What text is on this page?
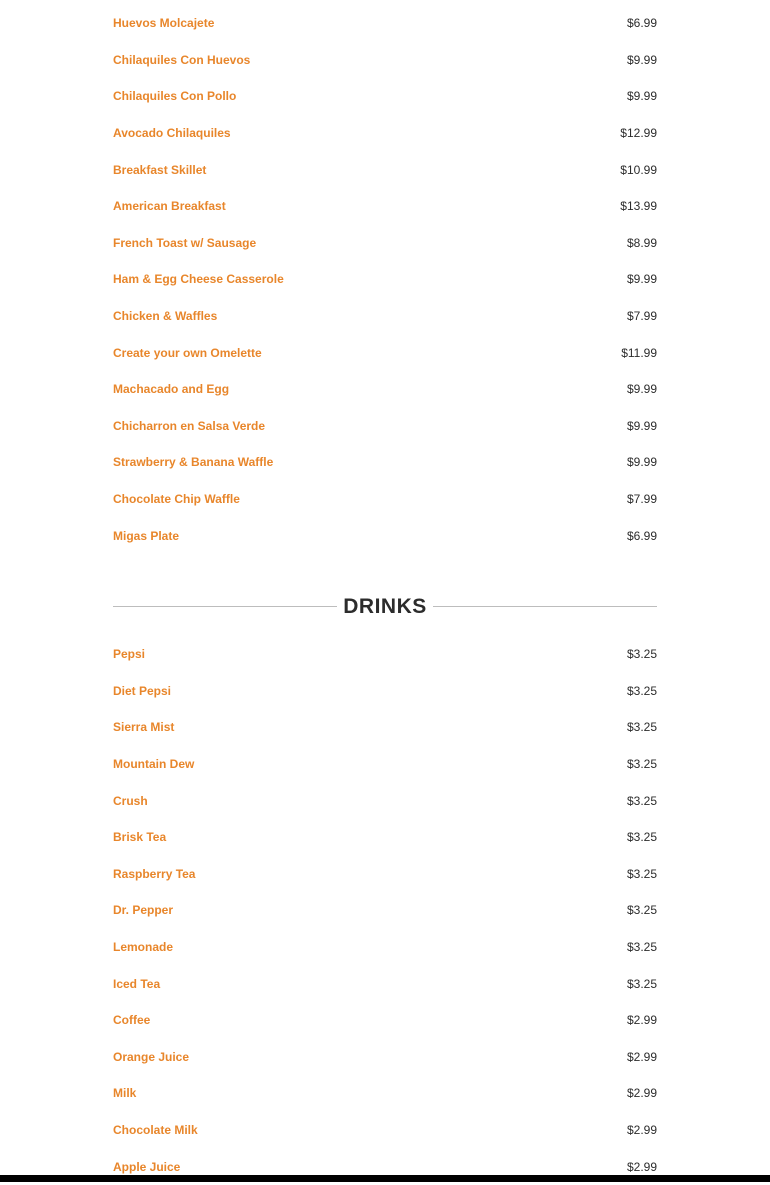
Huevos Molcajete	$6.99
Chilaquiles Con Huevos	$9.99
Chilaquiles Con Pollo	$9.99
Avocado Chilaquiles	$12.99
Breakfast Skillet	$10.99
American Breakfast	$13.99
French Toast w/ Sausage	$8.99
Ham & Egg Cheese Casserole	$9.99
Chicken & Waffles	$7.99
Create your own Omelette	$11.99
Machacado and Egg	$9.99
Chicharron en Salsa Verde	$9.99
Strawberry & Banana Waffle	$9.99
Chocolate Chip Waffle	$7.99
Migas Plate	$6.99
DRINKS
Pepsi	$3.25
Diet Pepsi	$3.25
Sierra Mist	$3.25
Mountain Dew	$3.25
Crush	$3.25
Brisk Tea	$3.25
Raspberry Tea	$3.25
Dr. Pepper	$3.25
Lemonade	$3.25
Iced Tea	$3.25
Coffee	$2.99
Orange Juice	$2.99
Milk	$2.99
Chocolate Milk	$2.99
Apple Juice	$2.99
